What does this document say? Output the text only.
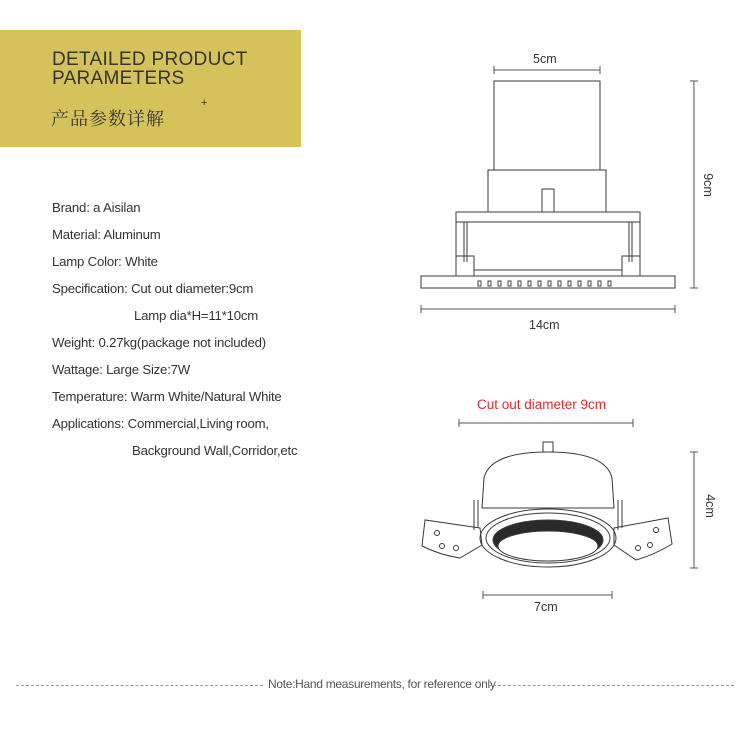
DETAILED PRODUCT
PARAMETERS
产品参数详解
+
Brand: a Aisilan
Material: Aluminum
Lamp Color: White
Specification: Cut out diameter:9cm
Lamp dia*H=11*10cm
Weight: 0.27kg(package not included)
Wattage: Large Size:7W
Temperature: Warm White/Natural White
Applications: Commercial,Living room,
Background Wall,Corridor,etc
5cm
9cm
14cm
Cut out diameter 9cm
4cm
7cm
Note:Hand measurements, for reference only
